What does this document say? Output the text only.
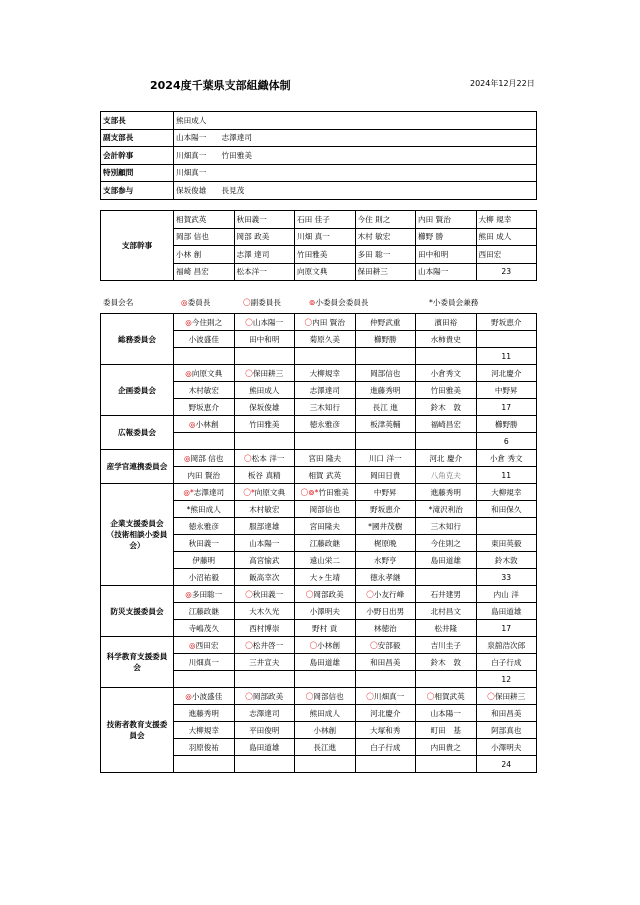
2024度千葉県支部組織体制	2024年12月22日
支部長	熊田成人
副支部長	山本陽一　　志澤達司
会計幹事	川畑真一　　竹田雅美
特別顧問	川畑真一
支部参与	保坂俊雄　　長見茂
支部幹事	相賀武英	秋田義一	石田 佳子	今住 則之	内田 賢治	大柳 規幸
	岡部 信也	岡部 政美	川畑 真一	木村 敏宏	櫛野 勝	熊田 成人
	小林 創	志澤 達司	竹田雅美	多田 聡一	田中和明	西田宏
	福崎 昌宏	松本洋一	向原文典	保田耕三	山本陽一	23
委員会名	◎委員長	〇副委員長	⊚小委員会委員長	*小委員会兼務
総務委員会	◎今住則之	〇山本陽一	〇内田 賢治	仲野武重	濱田裕	野坂恵介
	小波盛佳	田中和明	菊原久美	櫛野勝	水柿貴史	
						11
企画委員会	◎向原文典	〇保田耕三	大柳規幸	岡部信也	小倉秀文	河北慶介
	木村敏宏	熊田成人	志澤達司	進藤秀明	竹田雅美	中野昇
	野坂恵介	保坂俊雄	三木知行	長江 進	鈴木　敦	17
広報委員会	◎小林創	竹田雅美	徳永雅彦	板津英輔	福崎昌宏	櫛野勝
						6
産学官連携委員会	◎岡部 信也	〇松本 洋一	宮田 隆夫	川口 洋一	河北 慶介	小倉 秀文
	内田 賢治	板谷 真精	相賀 武英	岡田日貴	八角克夫	11
企業支援委員会（技術相談小委員会）	◎*志澤達司	〇*向原文典	〇⊚*竹田雅美	中野昇	進藤秀明	大柳規幸
	*熊田成人	木村敏宏	岡部信也	野坂恵介	*滝沢利治	和田保久
	徳永雅彦	服部達雄	宮田隆夫	*國井茂樹	三木知行	
	秋田義一	山本陽一	江藤政継	梶原晩	今住則之	東田英毅
	伊藤明	高宮愉武	遠山栄二	水野亨	島田道雄	鈴木敦
	小沼祐毅	飯高幸次	大ヶ生靖	徳永孝継		33
防災支援委員会	◎多田聡一	〇秋田義一	〇岡部政美	〇小友行峰	石井建男	内山 洋
	江藤政継	大木久光	小澤明夫	小野日出男	北村昌文	島田道雄
	寺嶋茂久	西村博崇	野村 貢	林徳治	松井隆	17
科学教育支援委員会	◎西田宏	〇松井啓一	〇小林創	〇安部毅	吉川圭子	泉舘浩次郎
	川畑真一	三井宣夫	島田道雄	和田昌美	鈴木　敦	白子行成
						12
技術者教育支援委員会	◎小波盛佳	〇岡部政美	〇岡部信也	〇川畑真一	〇相賀武英	〇保田耕三
	進藤秀明	志澤達司	熊田成人	河北慶介	山本陽一	和田昌美
	大柳規幸	平田俊明	小林創	大塚和秀	町田　基	阿部真也
	羽原俊祐	島田道雄	長江進	白子行成	内田貴之	小澤明夫
						24
